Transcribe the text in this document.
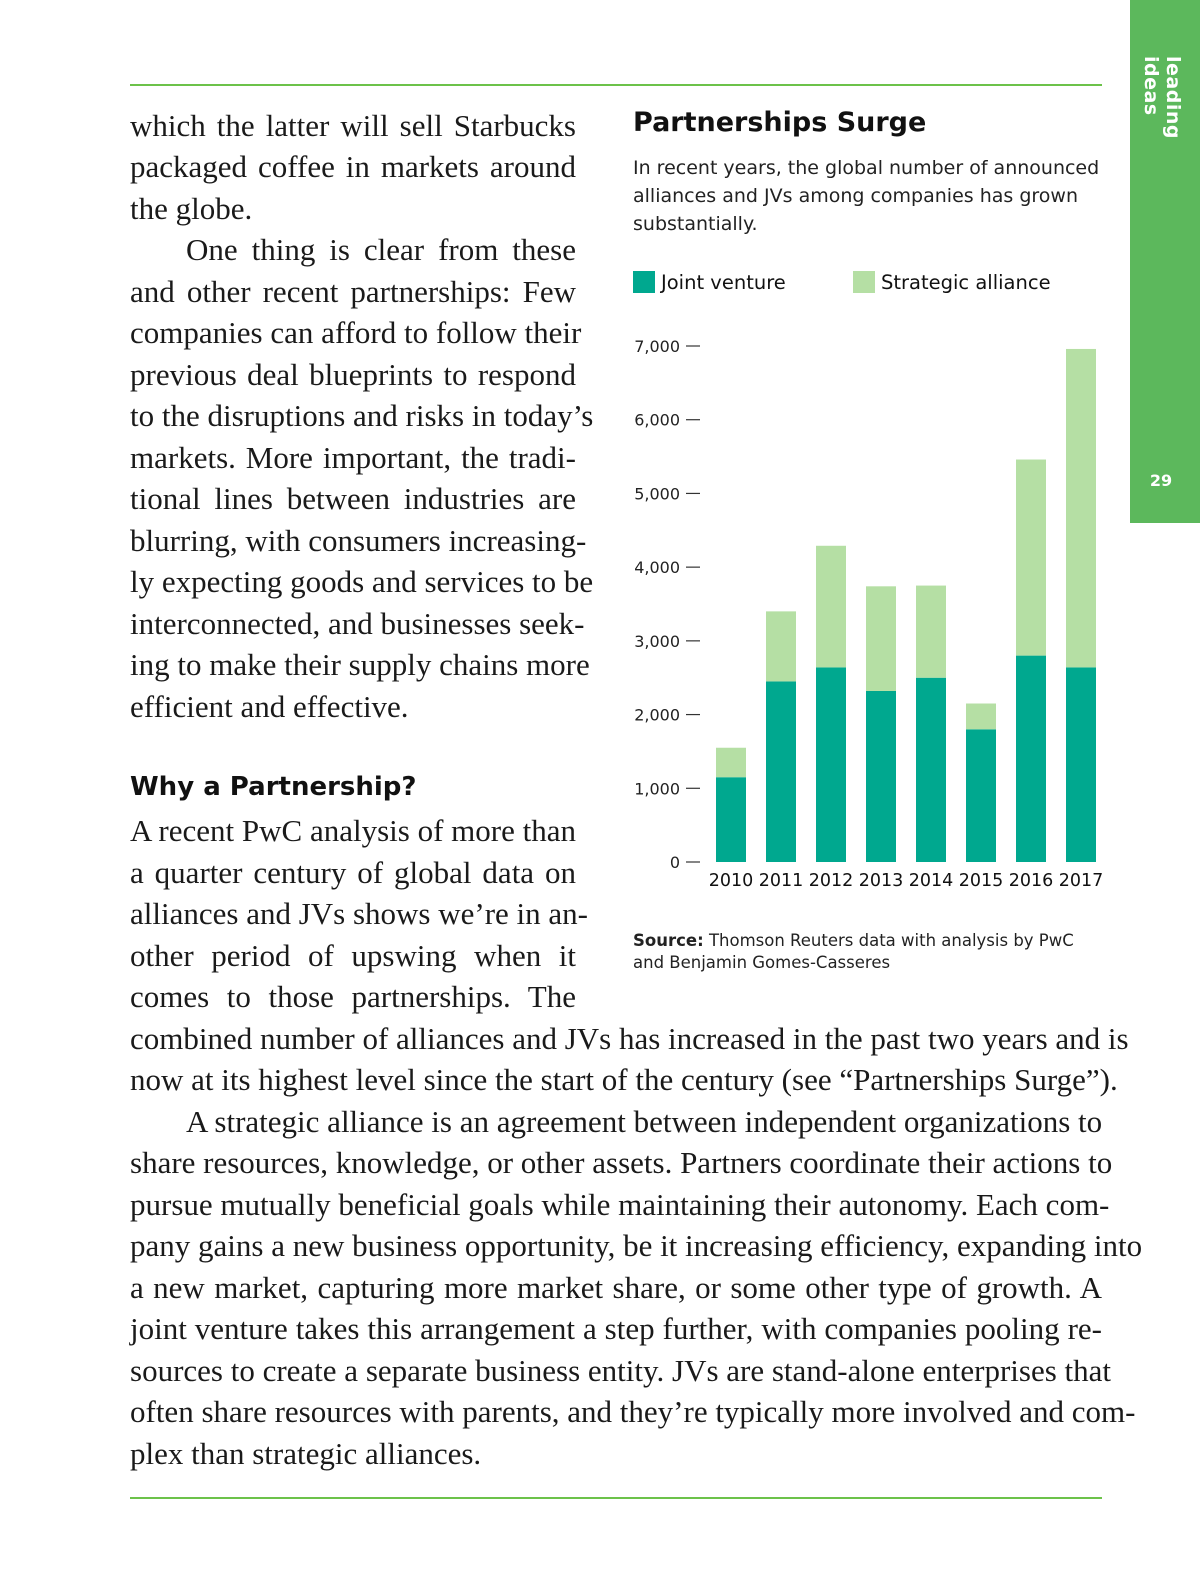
leading ideas
29
which the latter will sell Starbucks
packaged coffee in markets around
the globe.
One thing is clear from these
and other recent partnerships: Few
companies can afford to follow their
previous deal blueprints to respond
to the disruptions and risks in today’s
markets. More important, the tradi-
tional lines between industries are
blurring, with consumers increasing-
ly expecting goods and services to be
interconnected, and businesses seek-
ing to make their supply chains more
efficient and effective.
Why a Partnership?
A recent PwC analysis of more than
a quarter century of global data on
alliances and JVs shows we’re in an-
other period of upswing when it
comes to those partnerships. The
combined number of alliances and JVs has increased in the past two years and is
now at its highest level since the start of the century (see “Partnerships Surge”).
A strategic alliance is an agreement between independent organizations to
share resources, knowledge, or other assets. Partners coordinate their actions to
pursue mutually beneficial goals while maintaining their autonomy. Each com-
pany gains a new business opportunity, be it increasing efficiency, expanding into
a new market, capturing more market share, or some other type of growth. A
joint venture takes this arrangement a step further, with companies pooling re-
sources to create a separate business entity. JVs are stand-alone enterprises that
often share resources with parents, and they’re typically more involved and com-
plex than strategic alliances.
Partnerships Surge
In recent years, the global number of announced alliances and JVs among companies has grown substantially.
Joint venture	Strategic alliance
0
1,000
2,000
3,000
4,000
5,000
6,000
7,000
2010 2011 2012 2013 2014 2015 2016 2017
Source: Thomson Reuters data with analysis by PwC and Benjamin Gomes-Casseres
